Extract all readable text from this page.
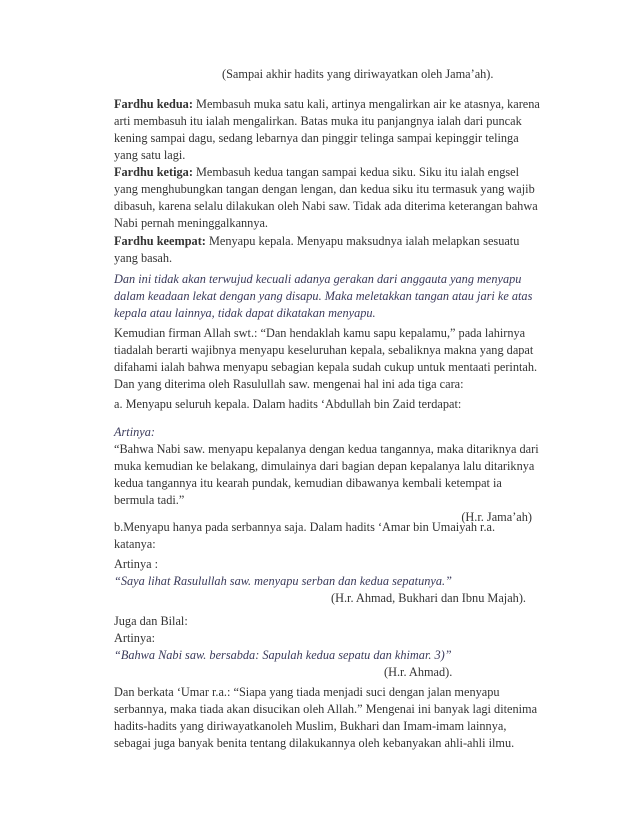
(Sampai akhir hadits yang diriwayatkan oleh Jama’ah).
Fardhu kedua: Membasuh muka satu kali, artinya mengalirkan air ke atasnya, karena
arti membasuh itu ialah mengalirkan. Batas muka itu panjangnya ialah dari puncak
kening sampai dagu, sedang lebarnya dan pinggir telinga sampai kepinggir telinga
yang satu lagi.
Fardhu ketiga: Membasuh kedua tangan sampai kedua siku. Siku itu ialah engsel
yang menghubungkan tangan dengan lengan, dan kedua siku itu termasuk yang wajib
dibasuh, karena selalu dilakukan oleh Nabi saw. Tidak ada diterima keterangan bahwa
Nabi pernah meninggalkannya.
Fardhu keempat: Menyapu kepala. Menyapu maksudnya ialah melapkan sesuatu
yang basah.
Dan ini tidak akan terwujud kecuali adanya gerakan dari anggauta yang menyapu
dalam keadaan lekat dengan yang disapu. Maka meletakkan tangan atau jari ke atas
kepala atau lainnya, tidak dapat dikatakan menyapu.
Kemudian firman Allah swt.: “Dan hendaklah kamu sapu kepalamu,” pada lahirnya
tiadalah berarti wajibnya menyapu keseluruhan kepala, sebaliknya makna yang dapat
difahami ialah bahwa menyapu sebagian kepala sudah cukup untuk mentaati perintah.
Dan yang diterima oleh Rasulullah saw. mengenai hal ini ada tiga cara:
a. Menyapu seluruh kepala. Dalam hadits ‘Abdullah bin Zaid terdapat:
Artinya:
“Bahwa Nabi saw. menyapu kepalanya dengan kedua tangannya, maka ditariknya dari
muka kemudian ke belakang, dimulainya dari bagian depan kepalanya lalu ditariknya
kedua tangannya itu kearah pundak, kemudian dibawanya kembali ketempat ia
bermula tadi.”
(H.r. Jama’ah)
b.Menyapu hanya pada serbannya saja. Dalam hadits ‘Amar bin Umaiyah r.a.
katanya:
Artinya :
“Saya lihat Rasulullah saw. menyapu serban dan kedua sepatunya.”
(H.r. Ahmad, Bukhari dan Ibnu Majah).
Juga dan Bilal:
Artinya:
“Bahwa Nabi saw. bersabda: Sapulah kedua sepatu dan khimar. 3)”
(H.r. Ahmad).
Dan berkata ‘Umar r.a.: “Siapa yang tiada menjadi suci dengan jalan menyapu
serbannya, maka tiada akan disucikan oleh Allah.” Mengenai ini banyak lagi ditenima
hadits-hadits yang diriwayatkanoleh Muslim, Bukhari dan Imam-imam lainnya,
sebagai juga banyak benita tentang dilakukannya oleh kebanyakan ahli-ahli ilmu.
